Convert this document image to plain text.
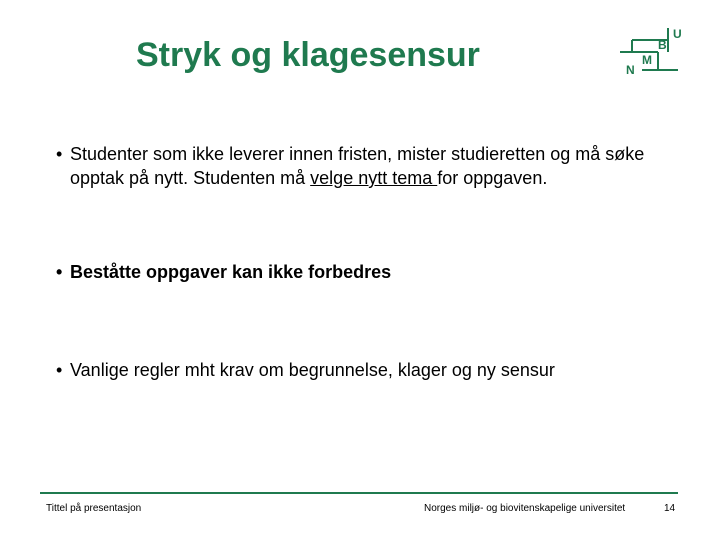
Stryk og klagesensur
U
B
N
M
• Studenter som ikke leverer innen fristen, mister studieretten og må søke opptak på nytt. Studenten må velge nytt tema for oppgaven.
• Beståtte oppgaver kan ikke forbedres
• Vanlige regler mht krav om begrunnelse, klager og ny sensur
Tittel på presentasjon	Norges miljø- og biovitenskapelige universitet	14
